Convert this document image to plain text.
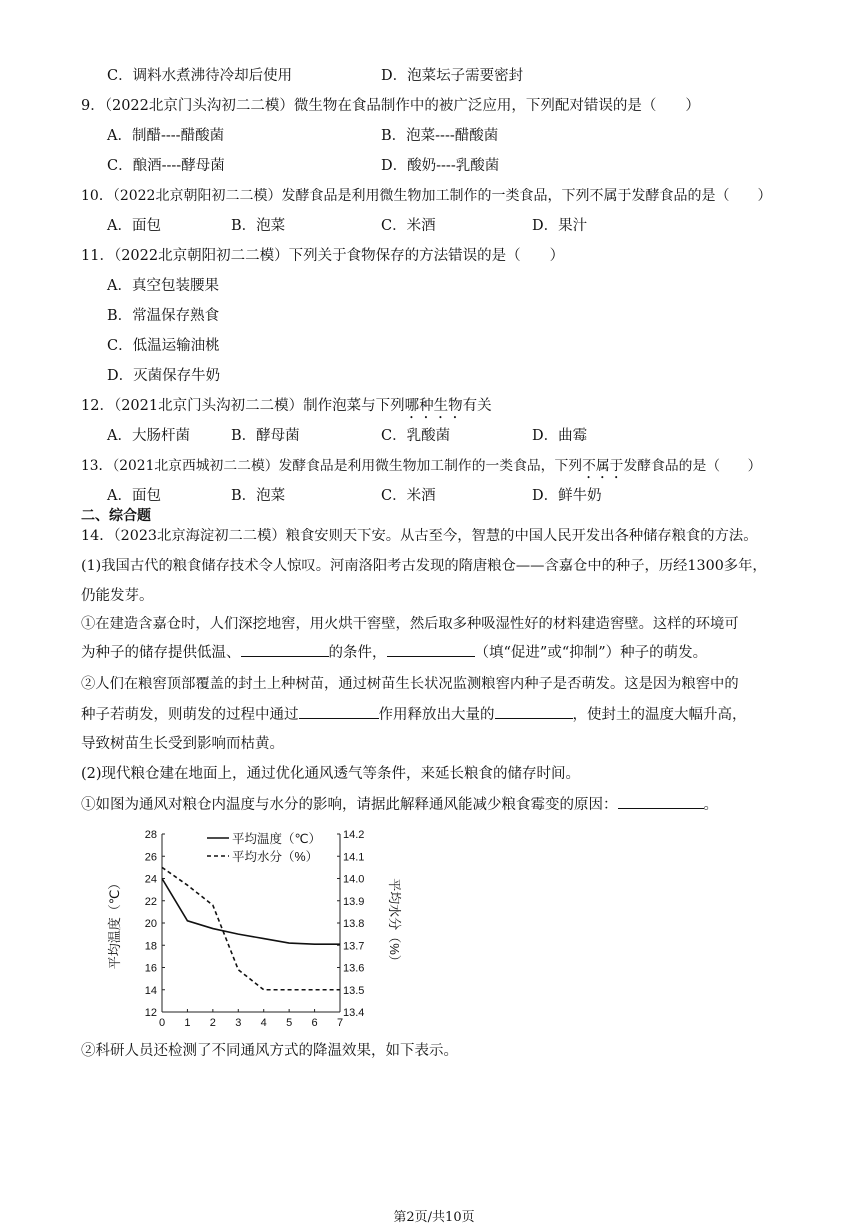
C．调料水煮沸待冷却后使用	D．泡菜坛子需要密封
9．（2022北京门头沟初二二模）微生物在食品制作中的被广泛应用，下列配对错误的是（　　）
A．制醋----醋酸菌	B．泡菜----醋酸菌
C．酿酒----酵母菌	D．酸奶----乳酸菌
10．（2022北京朝阳初二二模）发酵食品是利用微生物加工制作的一类食品，下列不属于发酵食品的是（　　）
A．面包	B．泡菜	C．米酒	D．果汁
11．（2022北京朝阳初二二模）下列关于食物保存的方法错误的是（　　）
A．真空包装腰果
B．常温保存熟食
C．低温运输油桃
D．灭菌保存牛奶
12．（2021北京门头沟初二二模）制作泡菜与下列哪种生物有关
A．大肠杆菌	B．酵母菌	C．乳酸菌	D．曲霉
13．（2021北京西城初二二模）发酵食品是利用微生物加工制作的一类食品，下列不属于发酵食品的是（　　）
A．面包	B．泡菜	C．米酒	D．鲜牛奶
二、综合题
14．（2023北京海淀初二二模）粮食安则天下安。从古至今，智慧的中国人民开发出各种储存粮食的方法。
(1)我国古代的粮食储存技术令人惊叹。河南洛阳考古发现的隋唐粮仓——含嘉仓中的种子，历经1300多年，
仍能发芽。
①在建造含嘉仓时，人们深挖地窖，用火烘干窖壁，然后取多种吸湿性好的材料建造窖壁。这样的环境可
为种子的储存提供低温、	的条件，	（填“促进”或“抑制”）种子的萌发。
②人们在粮窖顶部覆盖的封土上种树苗，通过树苗生长状况监测粮窖内种子是否萌发。这是因为粮窖中的
种子若萌发，则萌发的过程中通过	作用释放出大量的	，使封土的温度大幅升高，
导致树苗生长受到影响而枯黄。
(2)现代粮仓建在地面上，通过优化通风透气等条件，来延长粮食的储存时间。
①如图为通风对粮仓内温度与水分的影响，请据此解释通风能减少粮食霉变的原因：	。
12
14
16
18
20
22
24
26
28
13.4
13.5
13.6
13.7
13.8
13.9
14.0
14.1
14.2
0 1 2 3 4 5 6 7
平均温度（℃）
平均水分（%）
平均温度（℃）	平均水分（%）
②科研人员还检测了不同通风方式的降温效果，如下表示。
第2页/共10页
